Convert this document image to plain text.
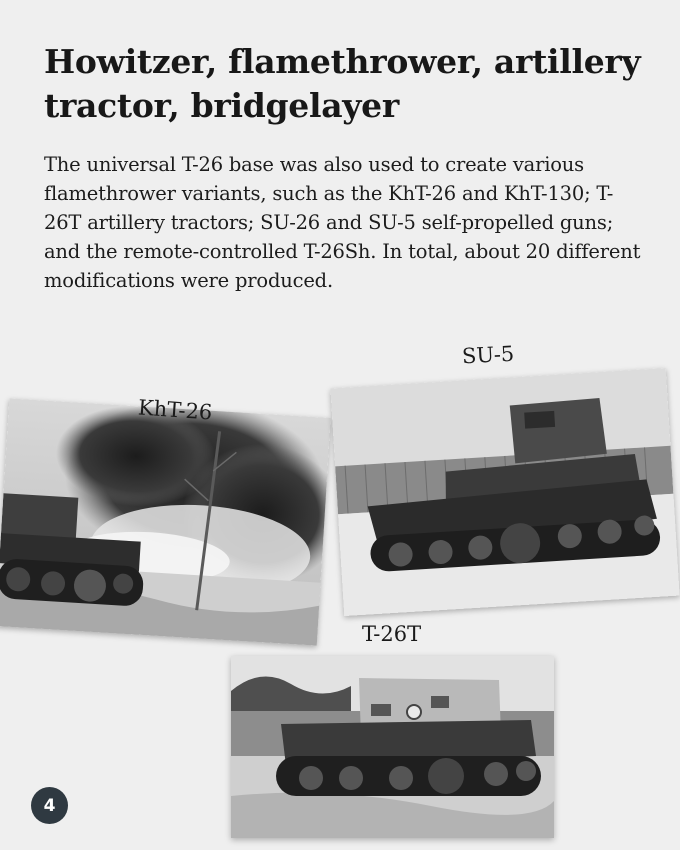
Howitzer, flamethrower, artillery tractor, bridgelayer

The universal T-26 base was also used to create various flamethrower variants, such as the KhT-26 and KhT-130; T-26T artillery tractors; SU-26 and SU-5 self-propelled guns; and the remote-controlled T-26Sh. In total, about 20 different modifications were produced.

KhT-26
SU-5
T-26T
4
